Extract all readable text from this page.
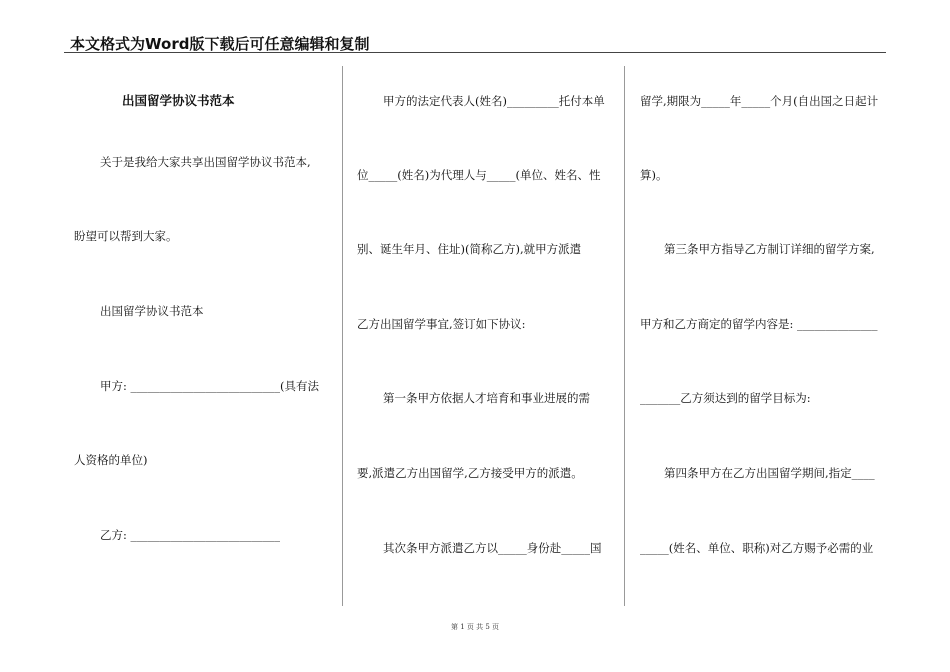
本文格式为Word版下载后可任意编辑和复制
出国留学协议书范本
关于是我给大家共享出国留学协议书范本,
盼望可以帮到大家。
出国留学协议书范本
甲方: __________________________(具有法
人资格的单位)
乙方: __________________________
甲方的法定代表人(姓名)_________托付本单
位_____(姓名)为代理人与_____(单位、姓名、性
别、诞生年月、住址)(简称乙方),就甲方派遣
乙方出国留学事宜,签订如下协议:
第一条甲方依据人才培育和事业进展的需
要,派遣乙方出国留学,乙方接受甲方的派遣。
其次条甲方派遣乙方以_____身份赴_____国
留学,期限为_____年_____个月(自出国之日起计
算)。
第三条甲方指导乙方制订详细的留学方案,
甲方和乙方商定的留学内容是: ______________
_______乙方须达到的留学目标为:
第四条甲方在乙方出国留学期间,指定____
_____(姓名、单位、职称)对乙方赐予必需的业
第 1 页 共 5 页
